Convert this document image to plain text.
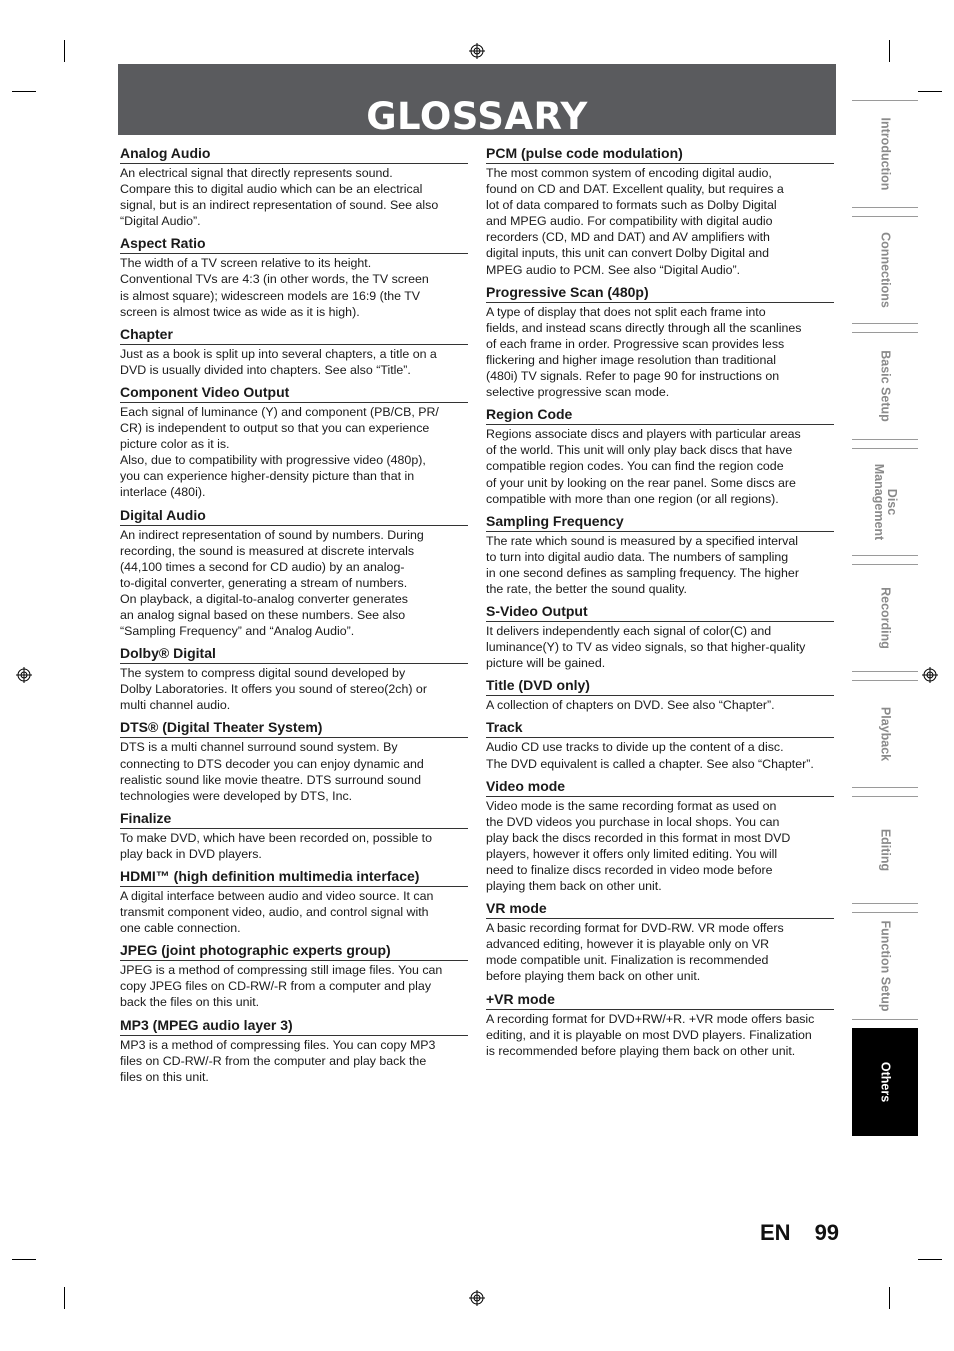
GLOSSARY
Analog Audio

An electrical signal that directly represents sound.
Compare this to digital audio which can be an electrical
signal, but is an indirect representation of sound. See also
“Digital Audio”.

Aspect Ratio

The width of a TV screen relative to its height.
Conventional TVs are 4:3 (in other words, the TV screen
is almost square); widescreen models are 16:9 (the TV
screen is almost twice as wide as it is high).

Chapter

Just as a book is split up into several chapters, a title on a
DVD is usually divided into chapters. See also “Title”.

Component Video Output

Each signal of luminance (Y) and component (PB/CB, PR/
CR) is independent to output so that you can experience
picture color as it is.
Also, due to compatibility with progressive video (480p),
you can experience higher-density picture than that in
interlace (480i).

Digital Audio

An indirect representation of sound by numbers. During
recording, the sound is measured at discrete intervals
(44,100 times a second for CD audio) by an analog-
to-digital converter, generating a stream of numbers.
On playback, a digital-to-analog converter generates
an analog signal based on these numbers. See also
“Sampling Frequency” and “Analog Audio”.

Dolby® Digital

The system to compress digital sound developed by
Dolby Laboratories. It offers you sound of stereo(2ch) or
multi channel audio.

DTS® (Digital Theater System)

DTS is a multi channel surround sound system. By
connecting to DTS decoder you can enjoy dynamic and
realistic sound like movie theatre. DTS surround sound
technologies were developed by DTS, Inc.

Finalize

To make DVD, which have been recorded on, possible to
play back in DVD players.

HDMI™ (high definition multimedia interface)

A digital interface between audio and video source. It can
transmit component video, audio, and control signal with
one cable connection.

JPEG (joint photographic experts group)

JPEG is a method of compressing still image files. You can
copy JPEG files on CD-RW/-R from a computer and play
back the files on this unit.

MP3 (MPEG audio layer 3)

MP3 is a method of compressing files. You can copy MP3
files on CD-RW/-R from the computer and play back the
files on this unit.

PCM (pulse code modulation)

The most common system of encoding digital audio,
found on CD and DAT. Excellent quality, but requires a
lot of data compared to formats such as Dolby Digital
and MPEG audio. For compatibility with digital audio
recorders (CD, MD and DAT) and AV amplifiers with
digital inputs, this unit can convert Dolby Digital and
MPEG audio to PCM. See also “Digital Audio”.

Progressive Scan (480p)

A type of display that does not split each frame into
fields, and instead scans directly through all the scanlines
of each frame in order. Progressive scan provides less
flickering and higher image resolution than traditional
(480i) TV signals. Refer to page 90 for instructions on
selective progressive scan mode.

Region Code

Regions associate discs and players with particular areas
of the world. This unit will only play back discs that have
compatible region codes. You can find the region code
of your unit by looking on the rear panel. Some discs are
compatible with more than one region (or all regions).

Sampling Frequency

The rate which sound is measured by a specified interval
to turn into digital audio data. The numbers of sampling
in one second defines as sampling frequency. The higher
the rate, the better the sound quality.

S-Video Output

It delivers independently each signal of color(C) and
luminance(Y) to TV as video signals, so that higher-quality
picture will be gained.

Title (DVD only)

A collection of chapters on DVD. See also “Chapter”.

Track

Audio CD use tracks to divide up the content of a disc.
The DVD equivalent is called a chapter. See also “Chapter”.

Video mode

Video mode is the same recording format as used on
the DVD videos you purchase in local shops. You can
play back the discs recorded in this format in most DVD
players, however it offers only limited editing. You will
need to finalize discs recorded in video mode before
playing them back on other unit.

VR mode

A basic recording format for DVD-RW. VR mode offers
advanced editing, however it is playable only on VR
mode compatible unit. Finalization is recommended
before playing them back on other unit.

+VR mode

A recording format for DVD+RW/+R. +VR mode offers basic
editing, and it is playable on most DVD players. Finalization
is recommended before playing them back on other unit.

Introduction
Connections
Basic Setup
Disc Management
Recording
Playback
Editing
Function Setup
Others
EN 99
